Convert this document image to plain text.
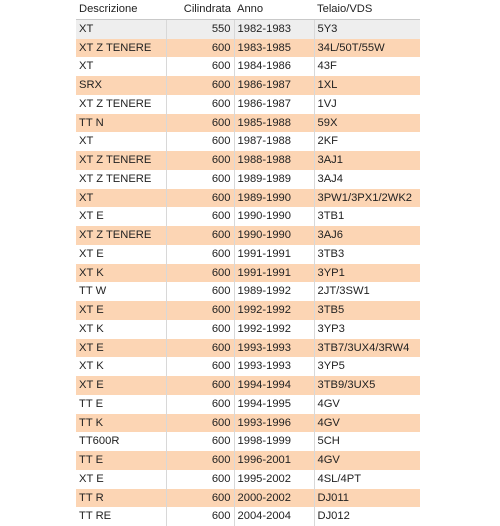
Descrizione	Cilindrata	Anno	Telaio/VDS
XT	550	1982-1983	5Y3
XT Z TENERE	600	1983-1985	34L/50T/55W
XT	600	1984-1986	43F
SRX	600	1986-1987	1XL
XT Z TENERE	600	1986-1987	1VJ
TT N	600	1985-1988	59X
XT	600	1987-1988	2KF
XT Z TENERE	600	1988-1988	3AJ1
XT Z TENERE	600	1989-1989	3AJ4
XT	600	1989-1990	3PW1/3PX1/2WK2
XT E	600	1990-1990	3TB1
XT Z TENERE	600	1990-1990	3AJ6
XT E	600	1991-1991	3TB3
XT K	600	1991-1991	3YP1
TT W	600	1989-1992	2JT/3SW1
XT E	600	1992-1992	3TB5
XT K	600	1992-1992	3YP3
XT E	600	1993-1993	3TB7/3UX4/3RW4
XT K	600	1993-1993	3YP5
XT E	600	1994-1994	3TB9/3UX5
TT E	600	1994-1995	4GV
TT K	600	1993-1996	4GV
TT600R	600	1998-1999	5CH
TT E	600	1996-2001	4GV
XT E	600	1995-2002	4SL/4PT
TT R	600	2000-2002	DJ011
TT RE	600	2004-2004	DJ012
